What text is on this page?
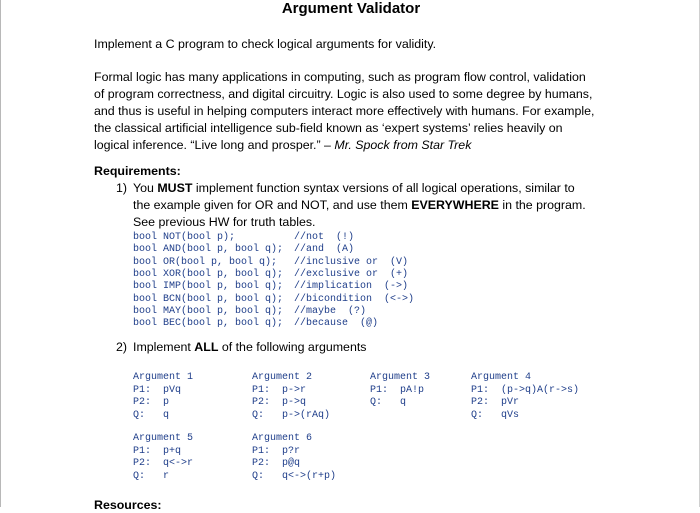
Argument Validator

Implement a C program to check logical arguments for validity.

Formal logic has many applications in computing, such as program flow control, validation of program correctness, and digital circuitry. Logic is also used to some degree by humans, and thus is useful in helping computers interact more effectively with humans. For example, the classical artificial intelligence sub-field known as ‘expert systems’ relies heavily on logical inference. “Live long and prosper.” – Mr. Spock from Star Trek

Requirements:

1) You MUST implement function syntax versions of all logical operations, similar to the example given for OR and NOT, and use them EVERYWHERE in the program. See previous HW for truth tables.

bool NOT(bool p);	//not  (!)
bool AND(bool p, bool q); //and  (A)
bool OR(bool p, bool q); //inclusive or  (V)
bool XOR(bool p, bool q); //exclusive or  (+)
bool IMP(bool p, bool q); //implication  (->)
bool BCN(bool p, bool q); //bicondition  (<->)
bool MAY(bool p, bool q); //maybe  (?)
bool BEC(bool p, bool q); //because  (@)
2) Implement ALL of the following arguments

Argument 1
P1:  pVq
P2:  p
Q:   q
Argument 2
P1:  p->r
P2:  p->q
Q:   p->(rAq)
Argument 3
P1:  pA!p
Q:   q
Argument 4
P1:  (p->q)A(r->s)
P2:  pVr
Q:   qVs
Argument 5
P1:  p+q
P2:  q<->r
Q:   r
Argument 6
P1:  p?r
P2:  p@q
Q:   q<->(r+p)
Resources:
